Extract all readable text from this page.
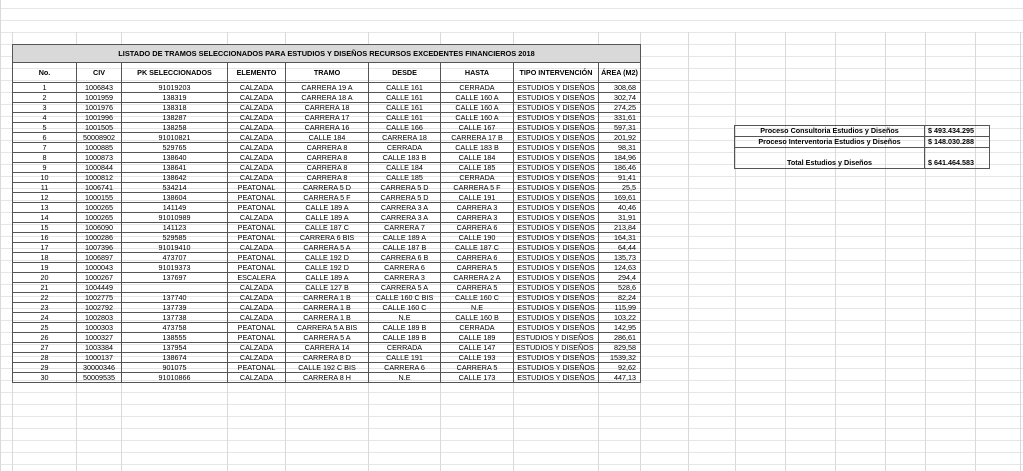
LISTADO DE TRAMOS SELECCIONADOS PARA ESTUDIOS Y DISEÑOS RECURSOS EXCEDENTES FINANCIEROS 2018								
No.	CIV	PK SELECCIONADOS	ELEMENTO	TRAMO	DESDE	HASTA	TIPO INTERVENCIÓN	ÁREA (M2)
1	1006843	91019203	CALZADA	CARRERA 19 A	CALLE 161	CERRADA	ESTUDIOS Y DISEÑOS	308,68
2	1001959	138319	CALZADA	CARRERA 18 A	CALLE 161	CALLE 160 A	ESTUDIOS Y DISEÑOS	302,74
3	1001976	138318	CALZADA	CARRERA 18	CALLE 161	CALLE 160 A	ESTUDIOS Y DISEÑOS	274,25
4	1001996	138287	CALZADA	CARRERA 17	CALLE 161	CALLE 160 A	ESTUDIOS Y DISEÑOS	331,61
5	1001505	138258	CALZADA	CARRERA 16	CALLE 166	CALLE 167	ESTUDIOS Y DISEÑOS	597,31
6	50008902	91010821	CALZADA	CALLE 184	CARRERA 18	CARRERA 17 B	ESTUDIOS Y DISEÑOS	201,92
7	1000885	529765	CALZADA	CARRERA 8	CERRADA	CALLE 183 B	ESTUDIOS Y DISEÑOS	98,31
8	1000873	138640	CALZADA	CARRERA 8	CALLE 183 B	CALLE 184	ESTUDIOS Y DISEÑOS	184,96
9	1000844	138641	CALZADA	CARRERA 8	CALLE 184	CALLE 185	ESTUDIOS Y DISEÑOS	186,46
10	1000812	138642	CALZADA	CARRERA 8	CALLE 185	CERRADA	ESTUDIOS Y DISEÑOS	91,41
11	1006741	534214	PEATONAL	CARRERA 5 D	CARRERA 5 D	CARRERA 5 F	ESTUDIOS Y DISEÑOS	25,5
12	1000155	138604	PEATONAL	CARRERA 5 F	CARRERA 5 D	CALLE 191	ESTUDIOS Y DISEÑOS	169,61
13	1000265	141149	PEATONAL	CALLE 189 A	CARRERA 3 A	CARRERA 3	ESTUDIOS Y DISEÑOS	40,46
14	1000265	91010989	CALZADA	CALLE 189 A	CARRERA 3 A	CARRERA 3	ESTUDIOS Y DISEÑOS	31,91
15	1006090	141123	PEATONAL	CALLE 187 C	CARRERA 7	CARRERA 6	ESTUDIOS Y DISEÑOS	213,84
16	1000286	529585	PEATONAL	CARRERA 6 BIS	CALLE 189 A	CALLE 190	ESTUDIOS Y DISEÑOS	164,31
17	1007396	91019410	CALZADA	CARRERA 5 A	CALLE 187 B	CALLE 187 C	ESTUDIOS Y DISEÑOS	64,44
18	1006897	473707	PEATONAL	CALLE 192 D	CARRERA 6 B	CARRERA 6	ESTUDIOS Y DISEÑOS	135,73
19	1000043	91019373	PEATONAL	CALLE 192 D	CARRERA 6	CARRERA 5	ESTUDIOS Y DISEÑOS	124,63
20	1000267	137697	ESCALERA	CALLE 189 A	CARRERA 3	CARRERA 2 A	ESTUDIOS Y DISEÑOS	294,4
21	1004449		CALZADA	CALLE 127 B	CARRERA 5 A	CARRERA 5	ESTUDIOS Y DISEÑOS	528,6
22	1002775	137740	CALZADA	CARRERA 1 B	CALLE 160 C BIS	CALLE 160 C	ESTUDIOS Y DISEÑOS	82,24
23	1002792	137739	CALZADA	CARRERA 1 B	CALLE 160 C	N.E	ESTUDIOS Y DISEÑOS	115,99
24	1002803	137738	CALZADA	CARRERA 1 B	N.E	CALLE 160 B	ESTUDIOS Y DISEÑOS	103,22
25	1000303	473758	PEATONAL	CARRERA 5 A BIS	CALLE 189 B	CERRADA	ESTUDIOS Y DISEÑOS	142,95
26	1000327	138555	PEATONAL	CARRERA 5 A	CALLE 189 B	CALLE 189	ESTUDIOS Y DISEÑOS	286,61
27	1003384	137954	CALZADA	CARRERA 14	CERRADA	CALLE 147	ESTUDIOS Y DISEÑOS	829,58
28	1000137	138674	CALZADA	CARRERA 8 D	CALLE 191	CALLE 193	ESTUDIOS Y DISEÑOS	1539,32
29	30000346	901075	PEATONAL	CALLE 192 C BIS	CARRERA 6	CARRERA 5	ESTUDIOS Y DISEÑOS	92,62
30	50009535	91010866	CALZADA	CARRERA 8 H	N.E	CALLE 173	ESTUDIOS Y DISEÑOS	447,13
Proceso Consultoria Estudios y Diseños	$ 493.434.295
Proceso Interventoria Estudios y Diseños	$ 148.030.288

Total Estudios y Diseños	$ 641.464.583
